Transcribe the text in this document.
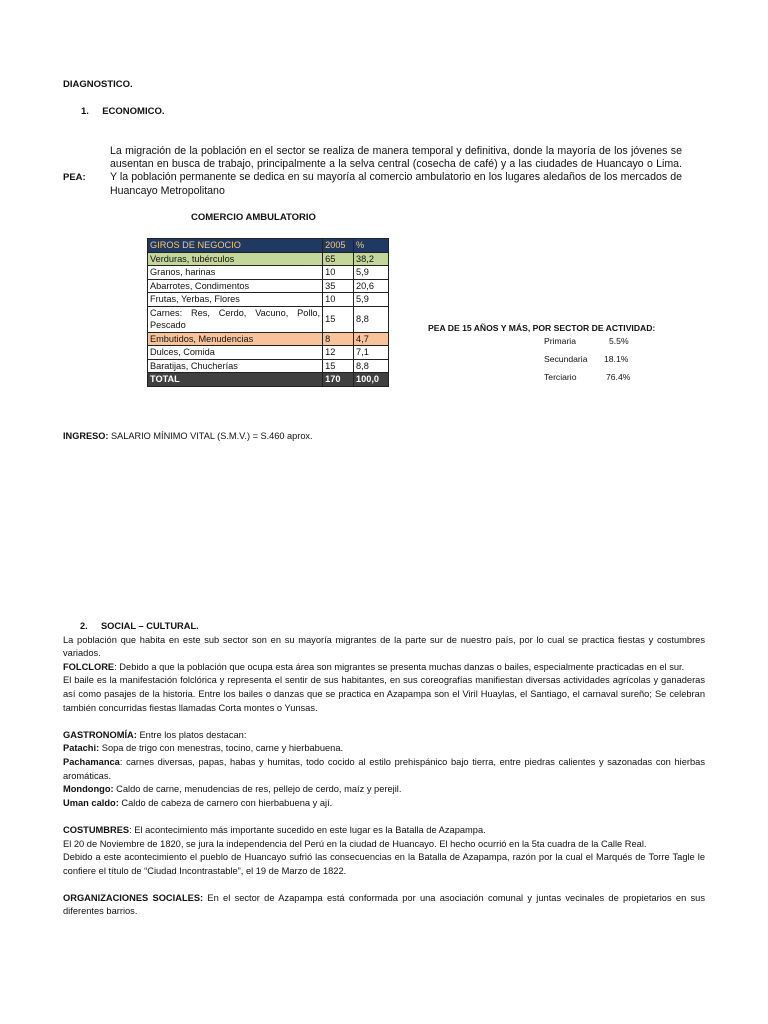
DIAGNOSTICO.
1. ECONOMICO.
PEA:
La migración de la población en el sector se realiza de manera temporal y definitiva, donde la mayoría de los jóvenes se ausentan en busca de trabajo, principalmente a la selva central (cosecha de café) y a las ciudades de Huancayo o Lima. Y la población permanente se dedica en su mayoría al comercio ambulatorio en los lugares aledaños de los mercados de Huancayo Metropolitano
COMERCIO AMBULATORIO
GIROS DE NEGOCIO	2005	%
Verduras, tubérculos	65	38,2
Granos, harinas	10	5,9
Abarrotes, Condimentos	35	20,6
Frutas, Yerbas, Flores	10	5,9
Carnes: Res, Cerdo, Vacuno, Pollo, Pescado	15	8,8
Embutidos, Menudencias	8	4,7
Dulces, Comida	12	7,1
Baratijas, Chucherías	15	8,8
TOTAL	170	100,0
PEA DE 15 AÑOS Y MÁS, POR SECTOR DE ACTIVIDAD:
Primaria	5.5%
Secundaria 18.1%
Terciario	76.4%
INGRESO: SALARIO MÍNIMO VITAL (S.M.V.) = S.460 aprox.

2. SOCIAL – CULTURAL.

La población que habita en este sub sector son en su mayoría migrantes de la parte sur de nuestro país, por lo cual se practica fiestas y costumbres variados.

FOLCLORE: Debido a que la población que ocupa esta área son migrantes se presenta muchas danzas o bailes, especialmente practicadas en el sur.

El baile es la manifestación folclórica y representa el sentir de sus habitantes, en sus coreografías manifiestan diversas actividades agrícolas y ganaderas así como pasajes de la historia. Entre los bailes o danzas que se practica en Azapampa son el Viril Huaylas, el Santiago, el carnaval sureño; Se celebran también concurridas fiestas llamadas Corta montes o Yunsas.

GASTRONOMÍA: Entre los platos destacan:

Patachi: Sopa de trigo con menestras, tocino, carne y hierbabuena.

Pachamanca: carnes diversas, papas, habas y humitas, todo cocido al estilo prehispánico bajo tierra, entre piedras calientes y sazonadas con hierbas aromáticas.

Mondongo: Caldo de carne, menudencias de res, pellejo de cerdo, maíz y perejil.

Uman caldo: Caldo de cabeza de carnero con hierbabuena y ají.

COSTUMBRES: El acontecimiento más importante sucedido en este lugar es la Batalla de Azapampa.

El 20 de Noviembre de 1820, se jura la independencia del Perú en la ciudad de Huancayo. El hecho ocurrió en la 5ta cuadra de la Calle Real.

Debido a este acontecimiento el pueblo de Huancayo sufrió las consecuencias en la Batalla de Azapampa, razón por la cual el Marqués de Torre Tagle le confiere el título de “Ciudad Incontrastable”, el 19 de Marzo de 1822.

ORGANIZACIONES SOCIALES: En el sector de Azapampa está conformada por una asociación comunal y juntas vecinales de propietarios en sus diferentes barrios.
